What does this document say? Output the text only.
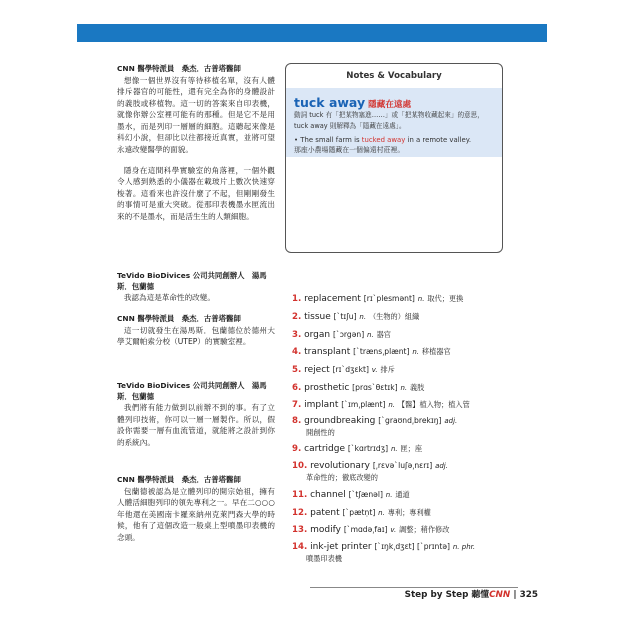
CNN 醫學特派員　桑杰．古普塔醫師

想像一個世界沒有等待移植名單，沒有人體排斥器官的可能性，還有完全為你的身體設計的義肢或移植物。這一切的答案來自印表機，就像你辦公室裡可能有的那種。但是它不是用墨水，而是列印一層層的細胞。這聽起來像是科幻小說，但卻比以往都接近真實，並將可望永遠改變醫學的面貌。

隱身在這間科學實驗室的角落裡，一個外觀令人感到熟悉的小儀器在載玻片上數次快速穿梭著。這看來也許沒什麼了不起，但剛剛發生的事情可是重大突破。從那印表機墨水匣流出來的不是墨水，而是活生生的人類細胞。

TeVido BioDivices 公司共同創辦人　湯馬斯．包蘭德

我認為這是革命性的改變。

CNN 醫學特派員　桑杰．古普塔醫師

這一切就發生在湯馬斯．包蘭德位於德州大學艾爾帕索分校（UTEP）的實驗室裡。

TeVido BioDivices 公司共同創辦人　湯馬斯．包蘭德

我們將有能力做到以前辦不到的事。有了立體列印技術，你可以一層一層製作。所以，假設你需要一層有血流管道，就能將之設計到你的系統內。

CNN 醫學特派員　桑杰．古普塔醫師

包蘭德被認為是立體列印的開宗始祖，擁有人體活細胞列印的領先專利之一。早在二○○○年他還在美國南卡羅來納州克萊門森大學的時候，他有了這個改造一般桌上型噴墨印表機的念頭。

Notes & Vocabulary
tuck away 隱藏在遠處
動詞 tuck 有「把某物塞進……」或「把某物收藏起來」的意思，tuck away 則解釋為「隱藏在遠處」。
• The small farm is tucked away in a remote valley.
那座小農場隱藏在一個偏遠村莊裡。
1. replacement [rɪˋplesmənt] n. 取代；更換
2. tissue [ˋtɪʃu] n. （生物的）組織
3. organ [ˋɔrgən] n. 器官
4. transplant [ˋtræns͵plænt] n. 移植器官
5. reject [rɪˋdʒɛkt] v. 排斥
6. prosthetic [prɑsˋθɛtɪk] n. 義肢
7. implant [ˋɪm͵plænt] n. 【醫】植入物；植入管
8. groundbreaking [ˋgraʊnd͵brekɪŋ] adj.
開創性的
9. cartridge [ˋkɑrtrɪdʒ] n. 匣；座
10. revolutionary [͵rɛvəˋluʃə͵nɛrɪ] adj.
革命性的；徹底改變的
11. channel [ˋtʃænəl] n. 通道
12. patent [ˋpætṇt] n. 專利；專利權
13. modify [ˋmɑdə͵faɪ] v. 調整；稍作修改
14. ink-jet printer [ˋɪŋk͵dʒɛt] [ˋprɪntə] n. phr.
噴墨印表機
Step by Step 聽懂CNN | 325
